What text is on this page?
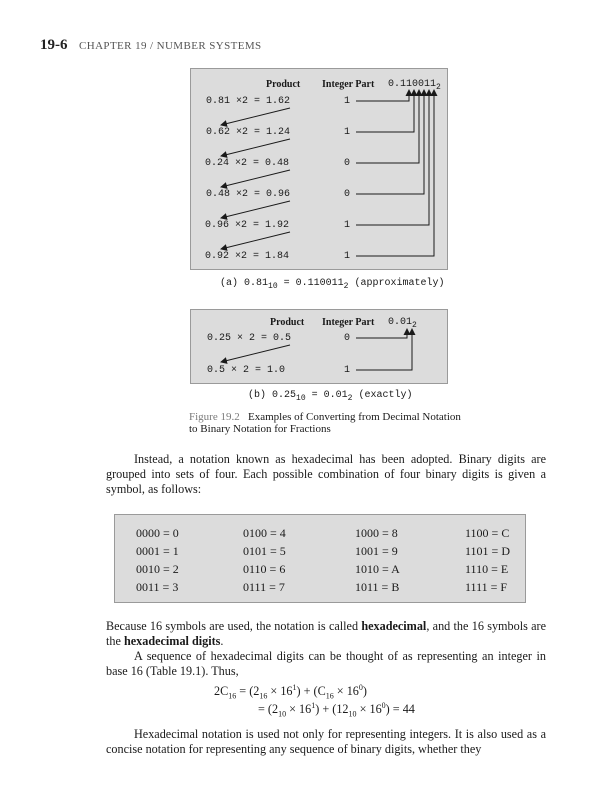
19-6 CHAPTER 19 / NUMBER SYSTEMS
Product Integer Part $0.110011_2$
0.81 ×2 = 1.62	1
0.62 ×2 = 1.24	1
0.24 ×2 = 0.48	0
0.48 ×2 = 0.96	0
0.96 ×2 = 1.92	1
0.92 ×2 = 1.84	1
(a) $0.81_{10} = 0.110011_2$ (approximately)
Product Integer Part $0.01_2$
0.25 × 2 = 0.5	0
0.5 × 2 = 1.0	1
(b) $0.25_{10} = 0.01_2$ (exactly)
Figure 19.2 Examples of Converting from Decimal Notation to Binary Notation for Fractions
Instead, a notation known as hexadecimal has been adopted. Binary digits are grouped into sets of four. Each possible combination of four binary digits is given a symbol, as follows:
0000 = 0	0100 = 4	1000 = 8	1100 = C
0001 = 1	0101 = 5	1001 = 9	1101 = D
0010 = 2	0110 = 6	1010 = A	1110 = E
0011 = 3	0111 = 7	1011 = B	1111 = F
Because 16 symbols are used, the notation is called hexadecimal, and the 16 symbols are the hexadecimal digits.
A sequence of hexadecimal digits can be thought of as representing an integer in base 16 (Table 19.1). Thus,
$2C_{16} = (2_{16} \times 16^1) + (C_{16} \times 16^0)$
= $(2_{10} \times 16^1) + (12_{10} \times 16^0) = 44$
Hexadecimal notation is used not only for representing integers. It is also used as a concise notation for representing any sequence of binary digits, whether they
